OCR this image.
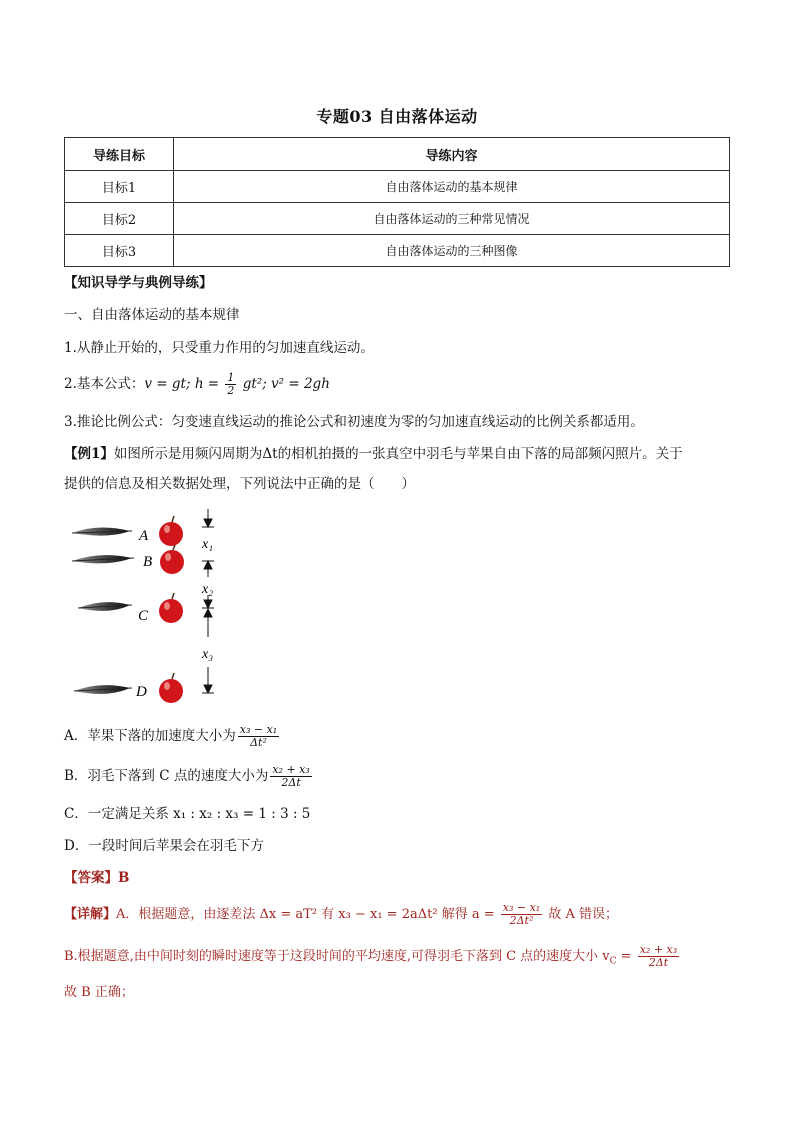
专题03 自由落体运动
导练目标	导练内容
目标1	自由落体运动的基本规律
目标2	自由落体运动的三种常见情况
目标3	自由落体运动的三种图像
【知识导学与典例导练】
一、自由落体运动的基本规律
1.从静止开始的，只受重力作用的匀加速直线运动。
2.基本公式：v = gt; $h = \frac{1}{2} gt^2$; v² = 2gh
3.推论比例公式：匀变速直线运动的推论公式和初速度为零的匀加速直线运动的比例关系都适用。
【例1】如图所示是用频闪周期为Δt的相机拍摄的一张真空中羽毛与苹果自由下落的局部频闪照片。关于
提供的信息及相关数据处理，下列说法中正确的是（　　）
A
B
C
D
x₁
x₂
x₃
A．苹果下落的加速度大小为 $\frac{\text{x₃ − x₁}}{\text{Δt²}}$
B．羽毛下落到 C 点的速度大小为 $\frac{\text{x₂ + x₃}}{2\Delta t}$
C．一定满足关系 x₁ : x₂ : x₃ = 1 : 3 : 5
D．一段时间后苹果会在羽毛下方
【答案】B
【详解】A．根据题意，由逐差法 Δx = aT² 有 x₃ − x₁ = 2aΔt² 解得 $a = \frac{\text{x₃ − x₁}}{\text{2Δt²}}$ 故 A 错误；
B.根据题意,由中间时刻的瞬时速度等于这段时间的平均速度,可得羽毛下落到 C 点的速度大小 $v_C = \frac{\text{x₂ + x₃}}{2\Delta t}$
故 B 正确；
